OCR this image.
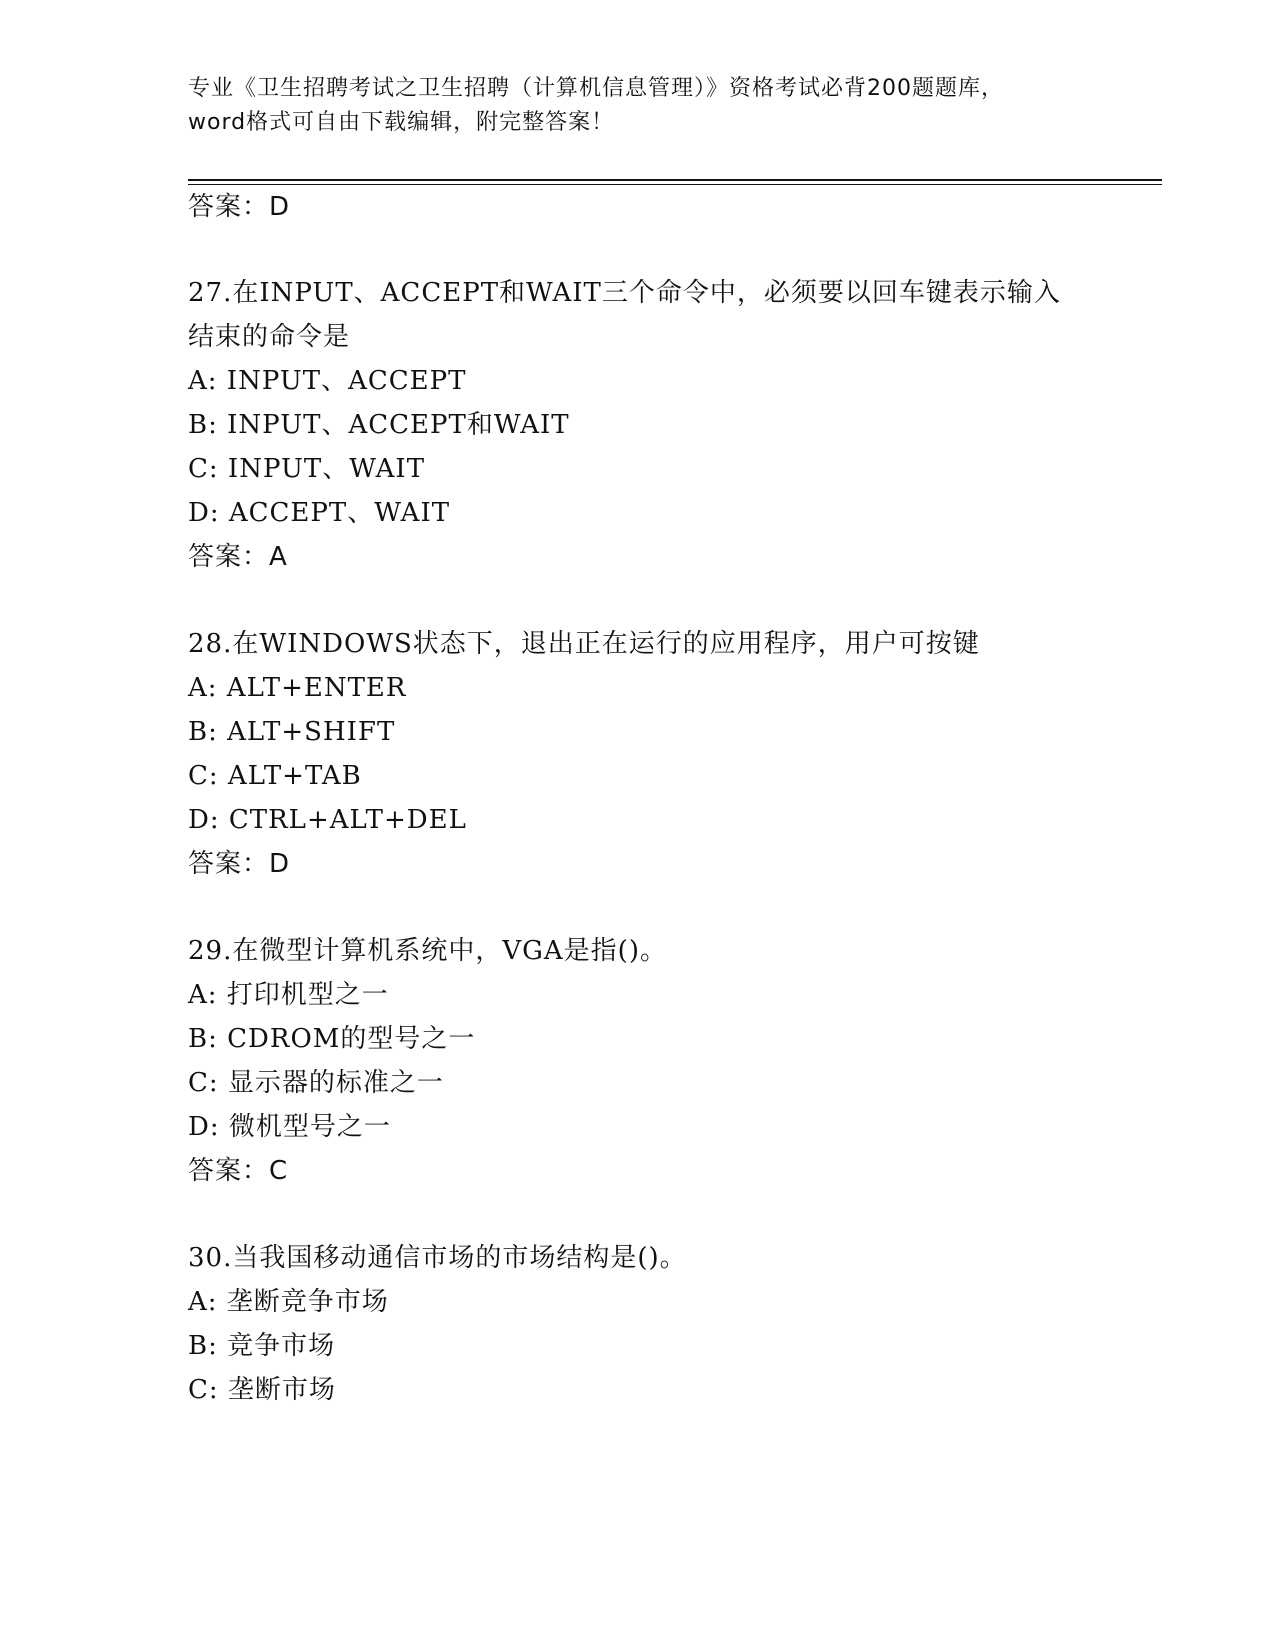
专业《卫生招聘考试之卫生招聘（计算机信息管理）》资格考试必背200题题库，
word格式可自由下载编辑，附完整答案！
答案：D
27.在INPUT、ACCEPT和WAIT三个命令中，必须要以回车键表示输入
结束的命令是
A: INPUT、ACCEPT
B: INPUT、ACCEPT和WAIT
C: INPUT、WAIT
D: ACCEPT、WAIT
答案：A
28.在WINDOWS状态下，退出正在运行的应用程序，用户可按键
A: ALT+ENTER
B: ALT+SHIFT
C: ALT+TAB
D: CTRL+ALT+DEL
答案：D
29.在微型计算机系统中，VGA是指()。
A: 打印机型之一
B: CDROM的型号之一
C: 显示器的标准之一
D: 微机型号之一
答案：C
30.当我国移动通信市场的市场结构是()。
A: 垄断竞争市场
B: 竞争市场
C: 垄断市场
